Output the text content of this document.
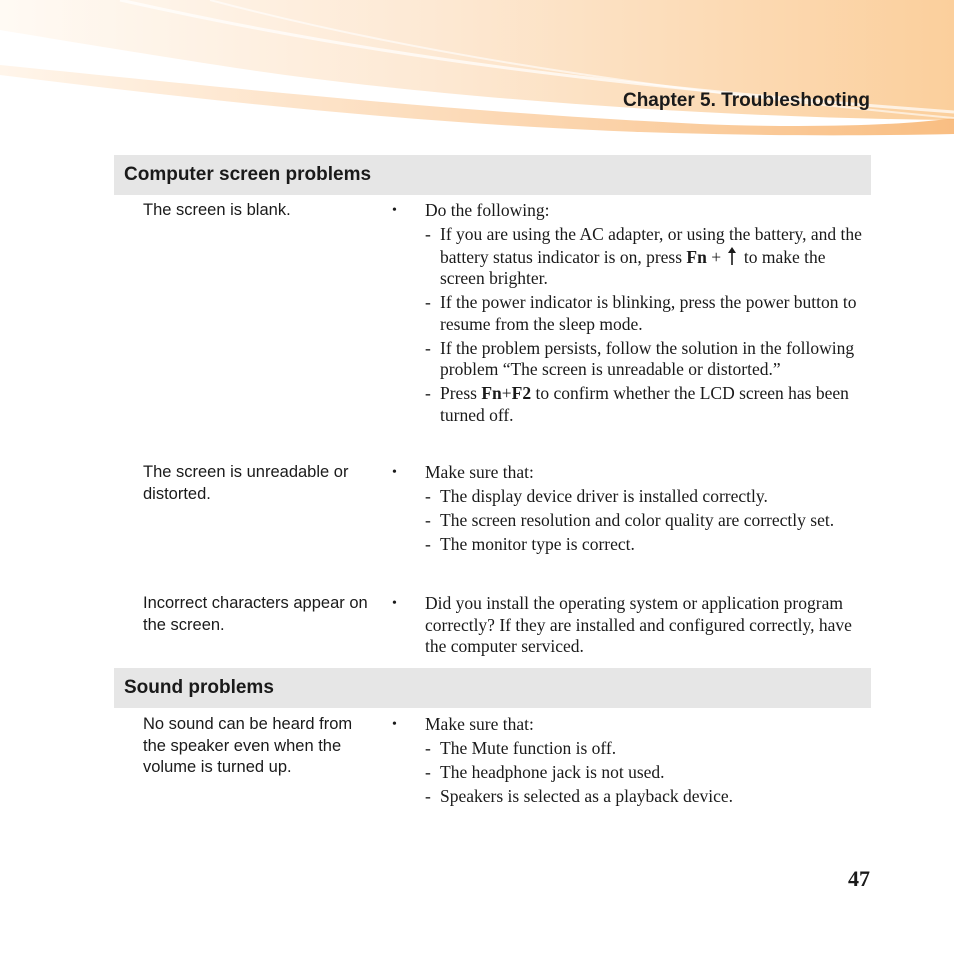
Chapter 5. Troubleshooting
Computer screen problems
The screen is blank.	• Do the following:
- If you are using the AC adapter, or using the battery, and the battery status indicator is on, press Fn +  to make the screen brighter.
- If the power indicator is blinking, press the power button to resume from the sleep mode.
- If the problem persists, follow the solution in the following problem “The screen is unreadable or distorted.”
- Press Fn+F2 to confirm whether the LCD screen has been turned off.
The screen is unreadable or distorted.
• Make sure that:
- The display device driver is installed correctly.
- The screen resolution and color quality are correctly set.
- The monitor type is correct.
Incorrect characters appear on the screen.
• Did you install the operating system or application program correctly? If they are installed and configured correctly, have the computer serviced.
Sound problems
No sound can be heard from the speaker even when the volume is turned up.
• Make sure that:
- The Mute function is off.
- The headphone jack is not used.
- Speakers is selected as a playback device.
47
